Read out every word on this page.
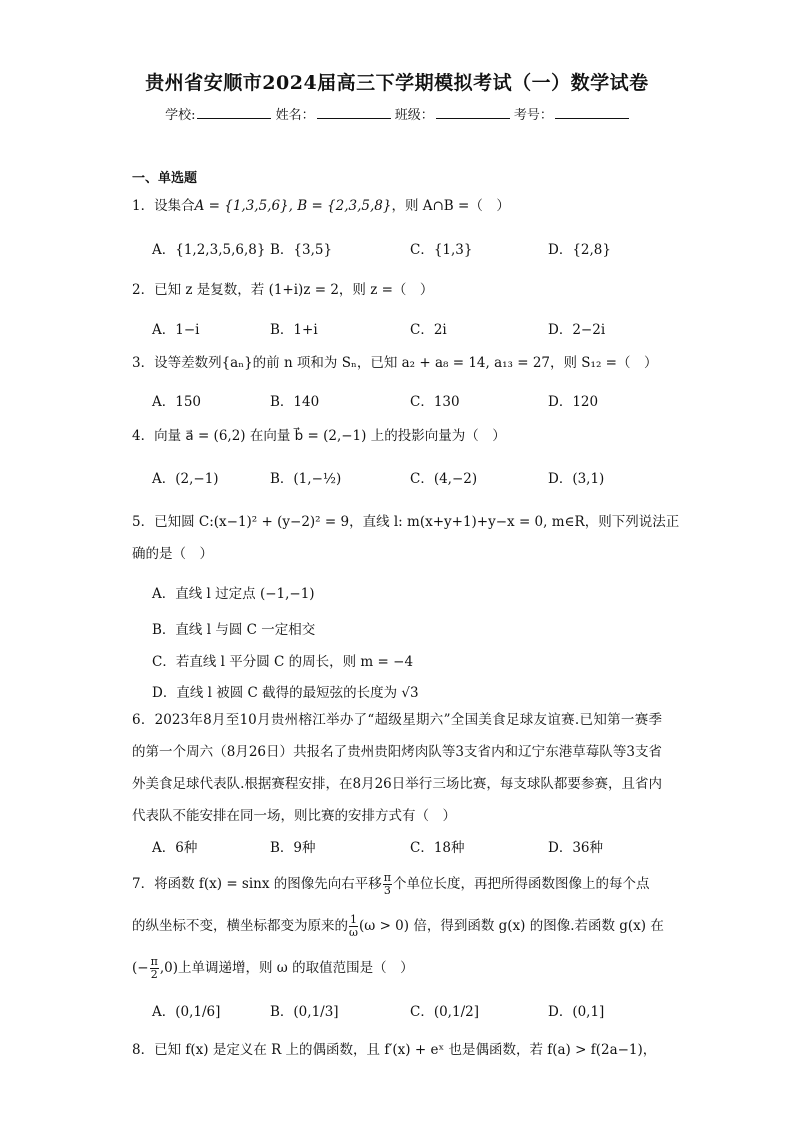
贵州省安顺市2024届高三下学期模拟考试（一）数学试卷
学校:	姓名：	班级：	考号：
一、单选题
1．设集合A = {1,3,5,6}, B = {2,3,5,8}，则 A∩B =（　）
A．{1,2,3,5,6,8} B．{3,5}	C．{1,3}	D．{2,8}
2．已知 z 是复数，若 (1+i)z = 2，则 z =（　）
A．1−i	B．1+i	C．2i	D．2−2i
3．设等差数列{aₙ}的前 n 项和为 Sₙ，已知 a₂ + a₈ = 14, a₁₃ = 27，则 S₁₂ =（　）
A．150	B．140	C．130	D．120
4．向量 a⃗ = (6,2) 在向量 b⃗ = (2,−1) 上的投影向量为（　）
A．(2,−1)	B．(1,−½)	C．(4,−2)	D．(3,1)
5．已知圆 C:(x−1)² + (y−2)² = 9，直线 l: m(x+y+1)+y−x = 0, m∈R，则下列说法正
确的是（　）
A．直线 l 过定点 (−1,−1)
B．直线 l 与圆 C 一定相交
C．若直线 l 平分圆 C 的周长，则 m = −4
D．直线 l 被圆 C 截得的最短弦的长度为 √3
6．2023年8月至10月贵州榕江举办了“超级星期六”全国美食足球友谊赛.已知第一赛季的第一个周六（8月26日）共报名了贵州贵阳烤肉队等3支省内和辽宁东港草莓队等3支省外美食足球代表队.根据赛程安排，在8月26日举行三场比赛，每支球队都要参赛，且省内代表队不能安排在同一场，则比赛的安排方式有（　）
A．6种	B．9种	C．18种	D．36种
7．将函数 f(x) = sinx 的图像先向右平移 $\frac{\pi}{3}$ 个单位长度，再把所得函数图像上的每个点
的纵坐标不变，横坐标都变为原来的 $\frac{1}{\omega} (\omega > 0)$ 倍，得到函数 g(x) 的图像.若函数 g(x) 在
(− $\frac{\pi}{2} ,0$)上单调递增，则 ω 的取值范围是（　）
A．(0,1/6]	B．(0,1/3]	C．(0,1/2]	D．(0,1]
8．已知 f(x) 是定义在 R 上的偶函数，且 f′(x) + eˣ 也是偶函数，若 f(a) > f(2a−1)，
